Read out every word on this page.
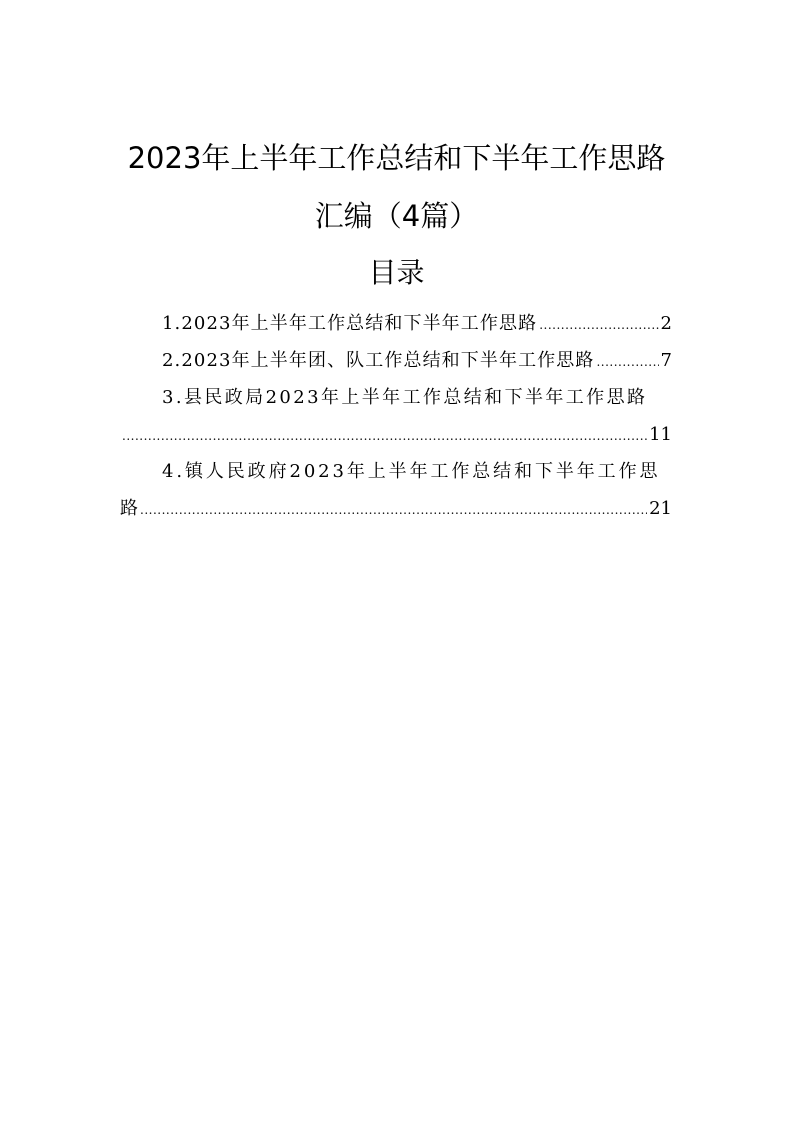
2023年上半年工作总结和下半年工作思路
汇编（4篇）
目录
1.2023年上半年工作总结和下半年工作思路 .....	2
2.2023年上半年团、队工作总结和下半年工作思路 .....	7
3.县民政局2023年上半年工作总结和下半年工作思路
.....
11
4.镇人民政府2023年上半年工作总结和下半年工作思
路 .....	21
